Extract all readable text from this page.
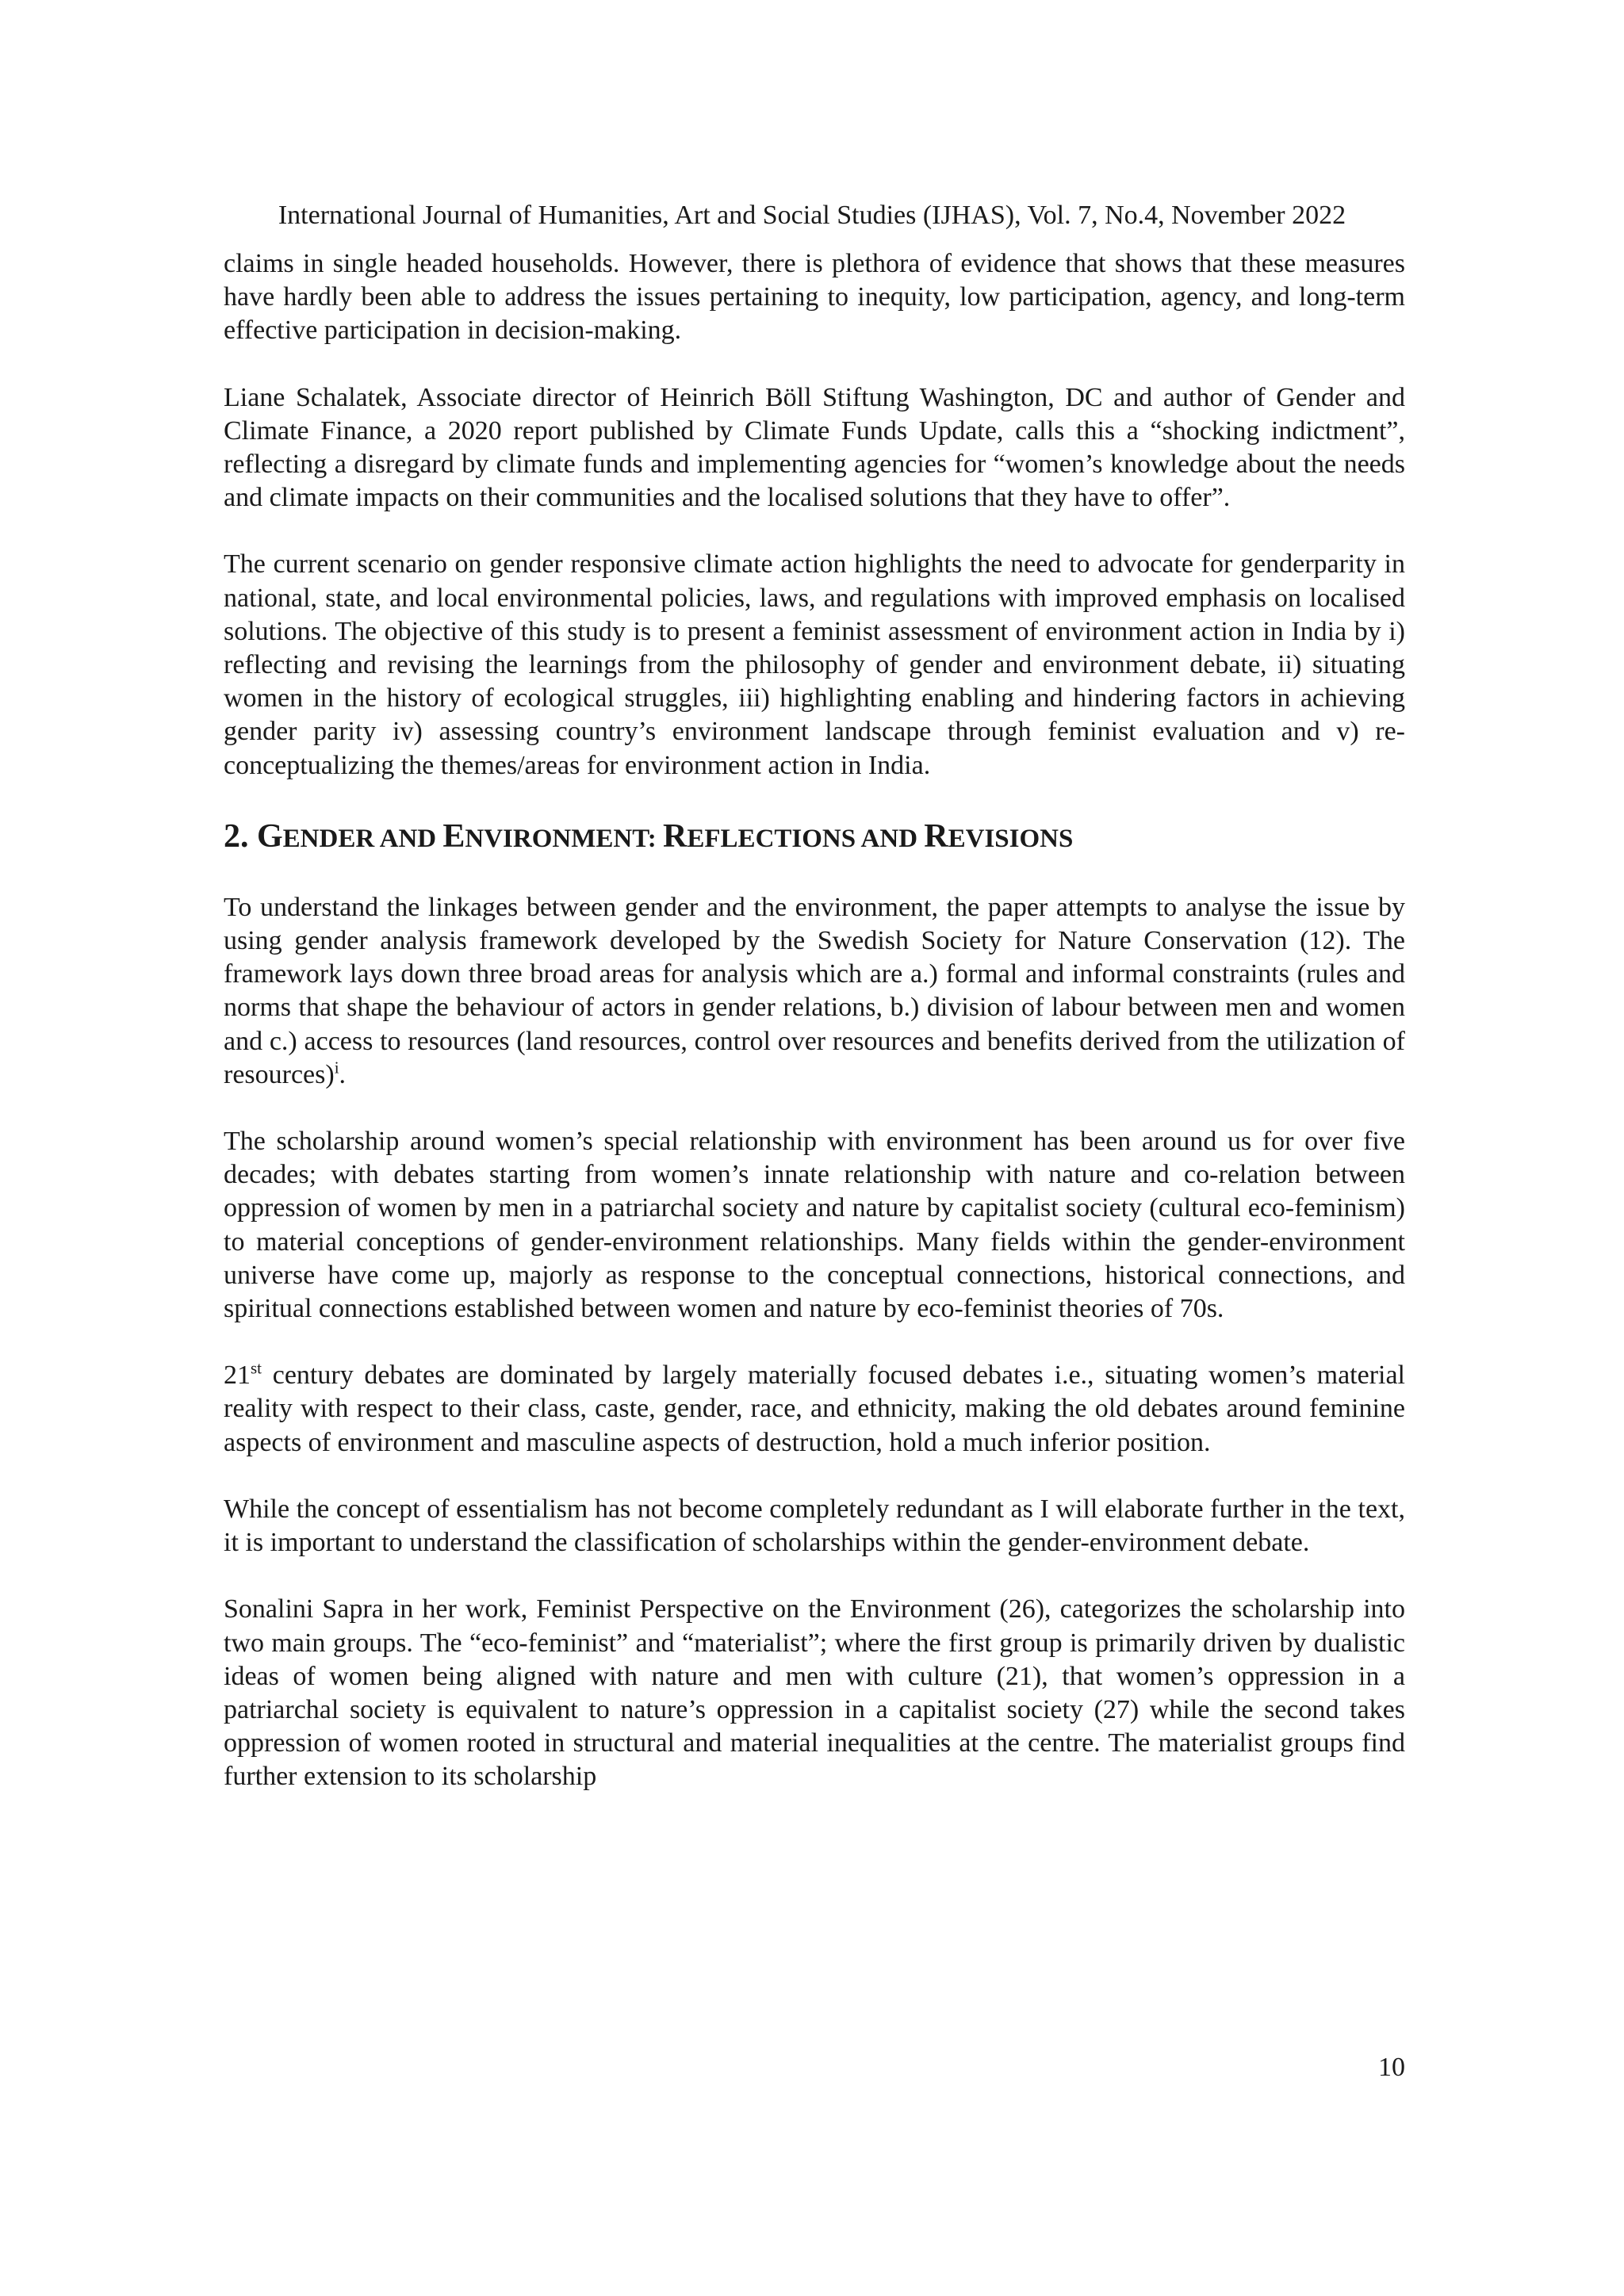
International Journal of Humanities, Art and Social Studies (IJHAS), Vol. 7, No.4, November 2022

claims in single headed households. However, there is plethora of evidence that shows that these measures have hardly been able to address the issues pertaining to inequity, low participation, agency, and long-term effective participation in decision-making.

Liane Schalatek, Associate director of Heinrich Böll Stiftung Washington, DC and author of Gender and Climate Finance, a 2020 report published by Climate Funds Update, calls this a “shocking indictment”, reflecting a disregard by climate funds and implementing agencies for “women’s knowledge about the needs and climate impacts on their communities and the localised solutions that they have to offer”.

The current scenario on gender responsive climate action highlights the need to advocate for genderparity in national, state, and local environmental policies, laws, and regulations with improved emphasis on localised solutions. The objective of this study is to present a feminist assessment of environment action in India by i) reflecting and revising the learnings from the philosophy of gender and environment debate, ii) situating women in the history of ecological struggles, iii) highlighting enabling and hindering factors in achieving gender parity iv) assessing country’s environment landscape through feminist evaluation and v) re-conceptualizing the themes/areas for environment action in India.

2. GENDER AND ENVIRONMENT: REFLECTIONS AND REVISIONS

To understand the linkages between gender and the environment, the paper attempts to analyse the issue by using gender analysis framework developed by the Swedish Society for Nature Conservation (12). The framework lays down three broad areas for analysis which are a.) formal and informal constraints (rules and norms that shape the behaviour of actors in gender relations, b.) division of labour between men and women and c.) access to resources (land resources, control over resources and benefits derived from the utilization of resources)$^i$.

The scholarship around women’s special relationship with environment has been around us for over five decades; with debates starting from women’s innate relationship with nature and co-relation between oppression of women by men in a patriarchal society and nature by capitalist society (cultural eco-feminism) to material conceptions of gender-environment relationships. Many fields within the gender-environment universe have come up, majorly as response to the conceptual connections, historical connections, and spiritual connections established between women and nature by eco-feminist theories of 70s.

21st century debates are dominated by largely materially focused debates i.e., situating women’s material reality with respect to their class, caste, gender, race, and ethnicity, making the old debates around feminine aspects of environment and masculine aspects of destruction, hold a much inferior position.

While the concept of essentialism has not become completely redundant as I will elaborate further in the text, it is important to understand the classification of scholarships within the gender-environment debate.

Sonalini Sapra in her work, Feminist Perspective on the Environment (26), categorizes the scholarship into two main groups. The “eco-feminist” and “materialist”; where the first group is primarily driven by dualistic ideas of women being aligned with nature and men with culture (21), that women’s oppression in a patriarchal society is equivalent to nature’s oppression in a capitalist society (27) while the second takes oppression of women rooted in structural and material inequalities at the centre. The materialist groups find further extension to its scholarship

10
